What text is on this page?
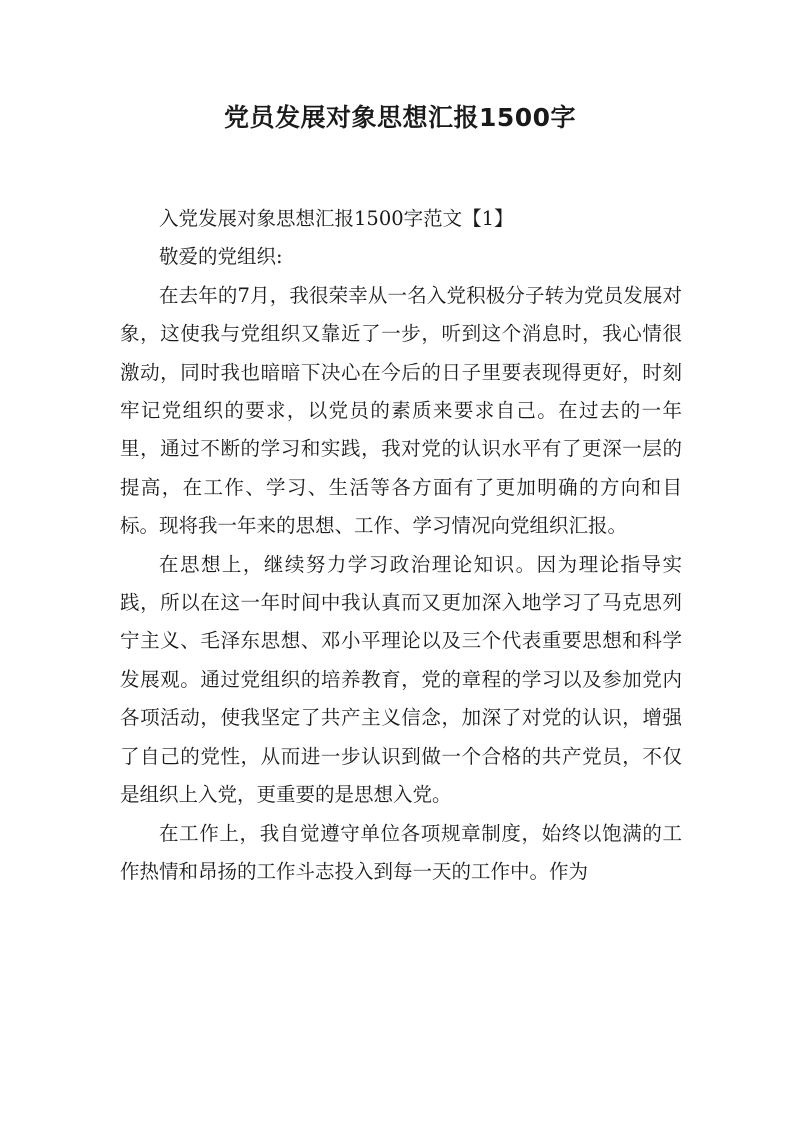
党员发展对象思想汇报1500字

入党发展对象思想汇报1500字范文【1】

敬爱的党组织:

在去年的7月，我很荣幸从一名入党积极分子转为党员发展对象，这使我与党组织又靠近了一步，听到这个消息时，我心情很激动，同时我也暗暗下决心在今后的日子里要表现得更好，时刻牢记党组织的要求，以党员的素质来要求自己。在过去的一年里，通过不断的学习和实践，我对党的认识水平有了更深一层的提高，在工作、学习、生活等各方面有了更加明确的方向和目标。现将我一年来的思想、工作、学习情况向党组织汇报。

在思想上，继续努力学习政治理论知识。因为理论指导实践，所以在这一年时间中我认真而又更加深入地学习了马克思列宁主义、毛泽东思想、邓小平理论以及三个代表重要思想和科学发展观。通过党组织的培养教育，党的章程的学习以及参加党内各项活动，使我坚定了共产主义信念，加深了对党的认识，增强了自己的党性，从而进一步认识到做一个合格的共产党员，不仅是组织上入党，更重要的是思想入党。

在工作上，我自觉遵守单位各项规章制度，始终以饱满的工作热情和昂扬的工作斗志投入到每一天的工作中。作为
